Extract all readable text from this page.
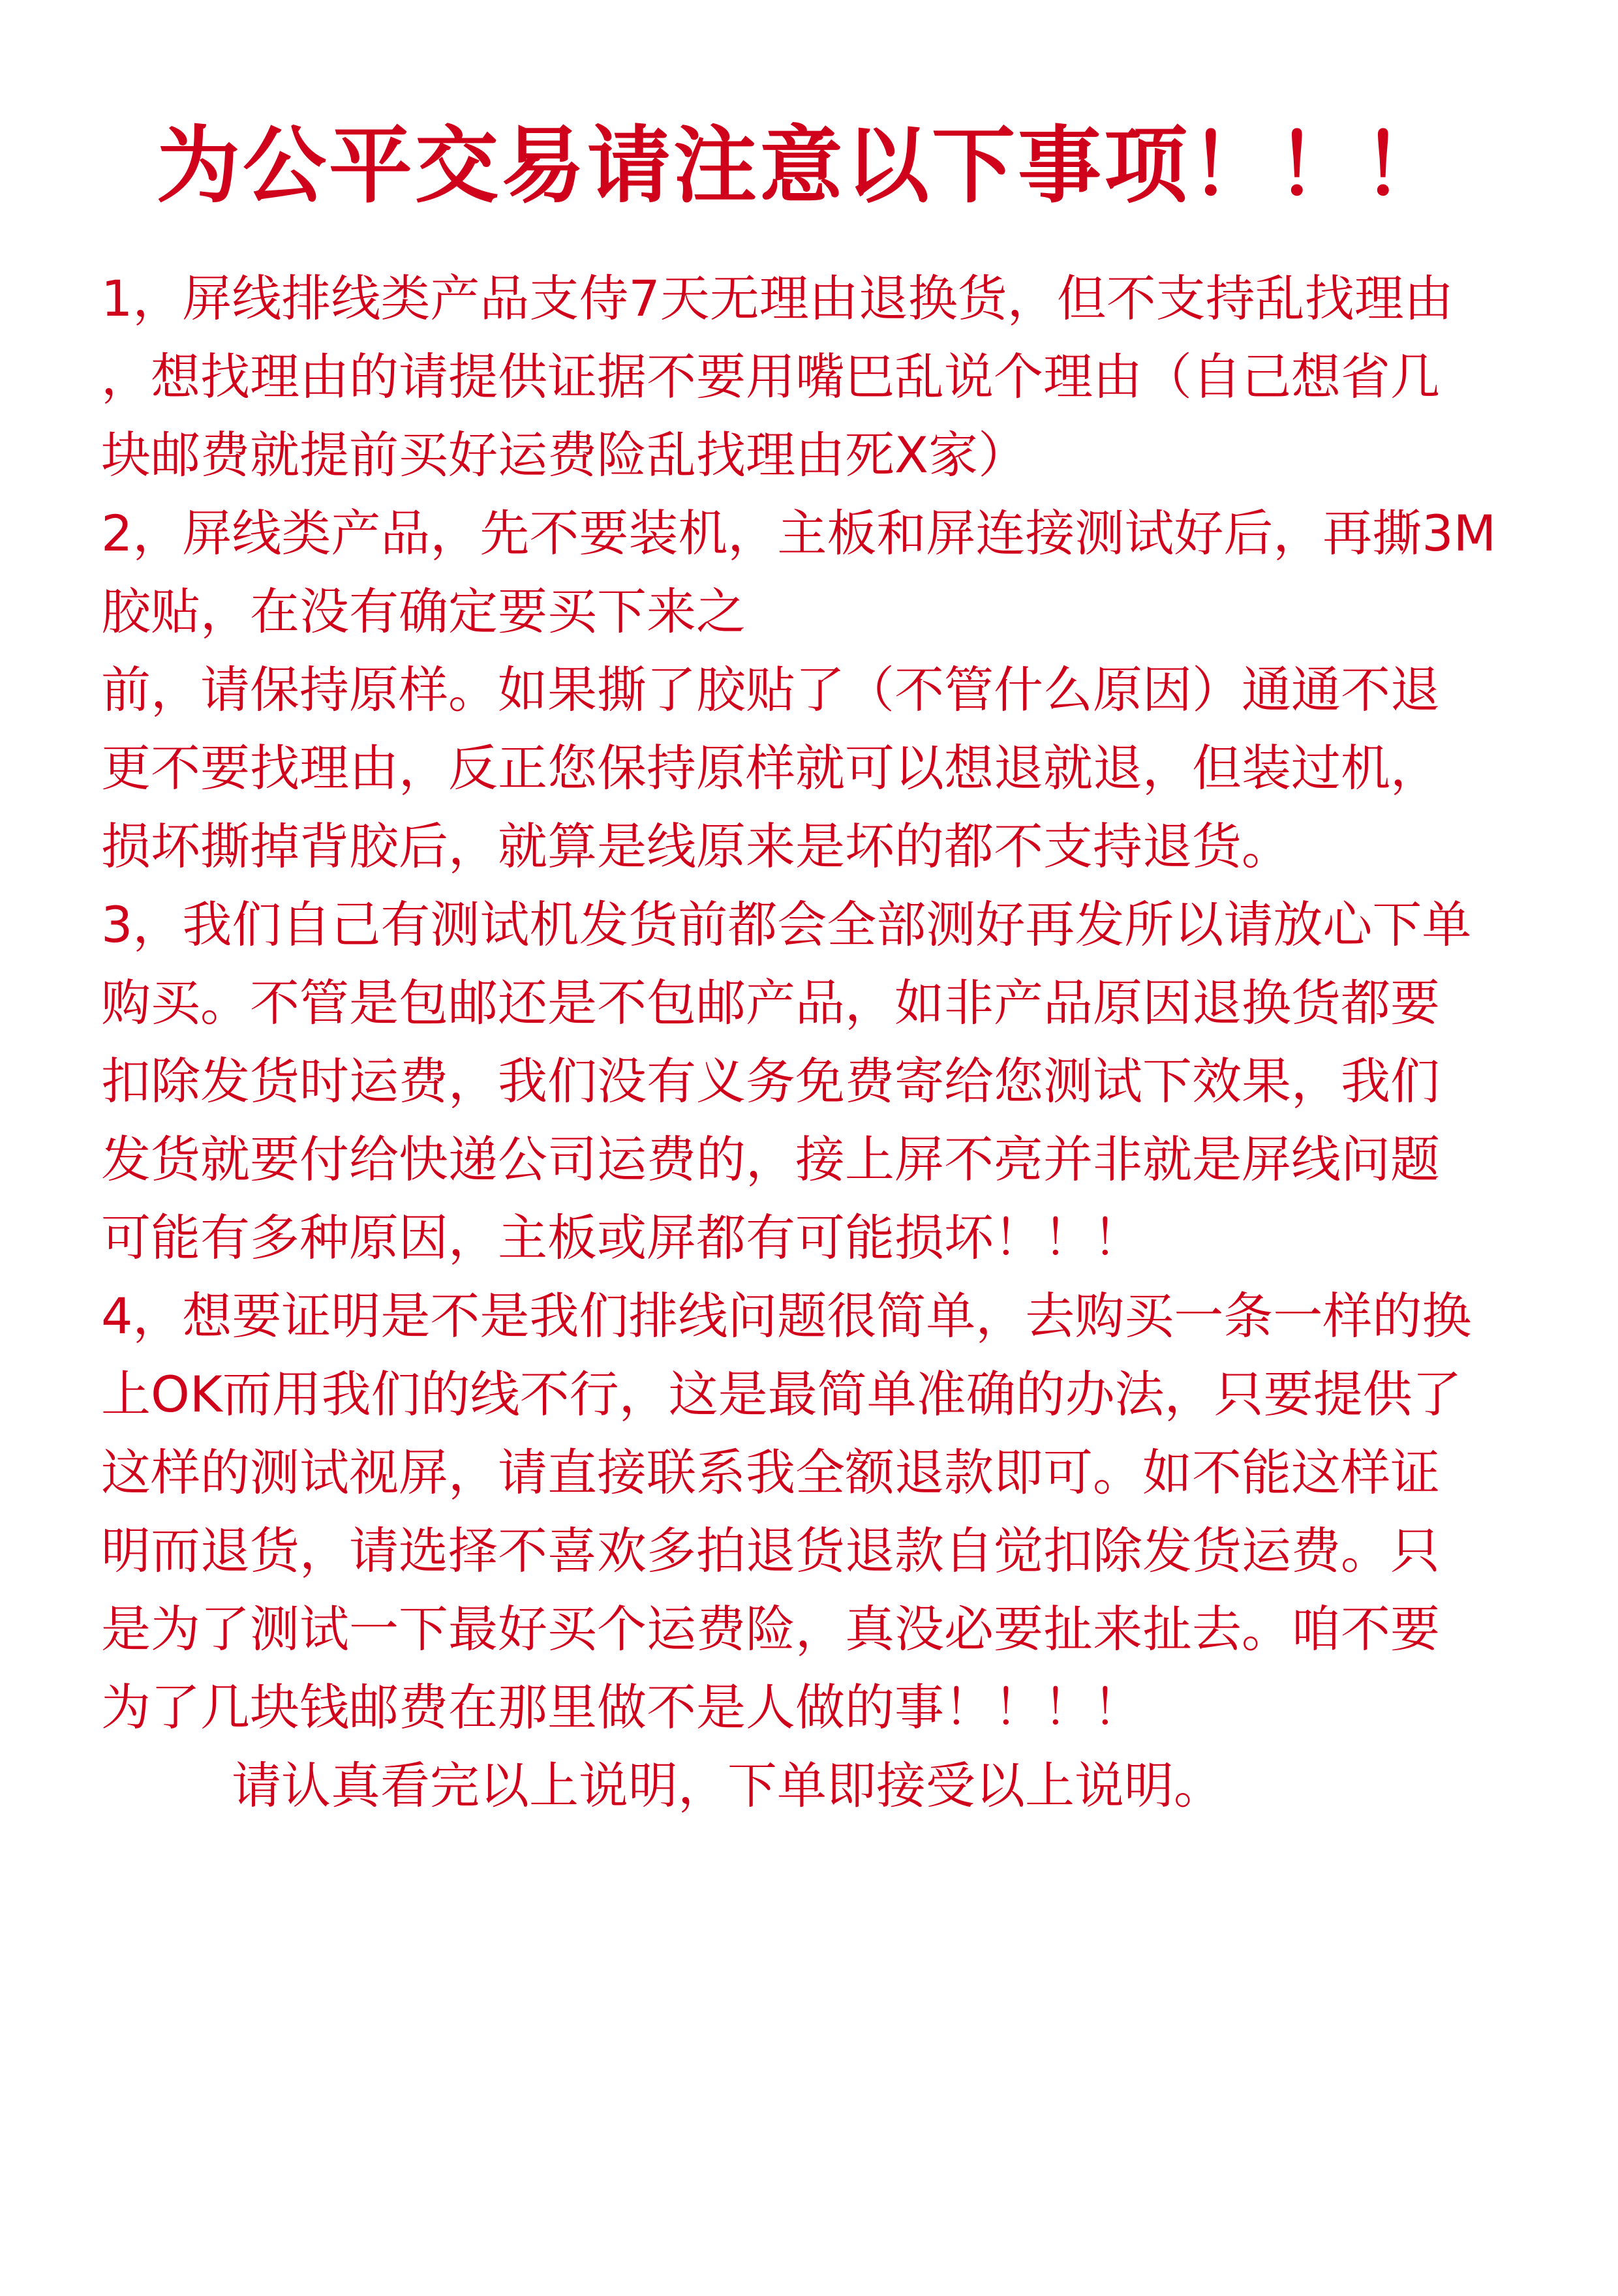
为公平交易请注意以下事项！！！
1，屏线排线类产品支侍7天无理由退换货，但不支持乱找理由
，想找理由的请提供证据不要用嘴巴乱说个理由（自己想省几
块邮费就提前买好运费险乱找理由死X家）
2，屏线类产品，先不要装机，主板和屏连接测试好后，再撕3M
胶贴，在没有确定要买下来之
前，请保持原样。如果撕了胶贴了（不管什么原因）通通不退
更不要找理由，反正您保持原样就可以想退就退，但装过机，
损坏撕掉背胶后，就算是线原来是坏的都不支持退货。
3，我们自己有测试机发货前都会全部测好再发所以请放心下单
购买。不管是包邮还是不包邮产品，如非产品原因退换货都要
扣除发货时运费，我们没有义务免费寄给您测试下效果，我们
发货就要付给快递公司运费的，接上屏不亮并非就是屏线问题
可能有多种原因，主板或屏都有可能损坏！！！
4，想要证明是不是我们排线问题很简单，去购买一条一样的换
上OK而用我们的线不行，这是最简单准确的办法，只要提供了
这样的测试视屏，请直接联系我全额退款即可。如不能这样证
明而退货，请选择不喜欢多拍退货退款自觉扣除发货运费。只
是为了测试一下最好买个运费险，真没必要扯来扯去。咱不要
为了几块钱邮费在那里做不是人做的事！！！！
请认真看完以上说明，下单即接受以上说明。
